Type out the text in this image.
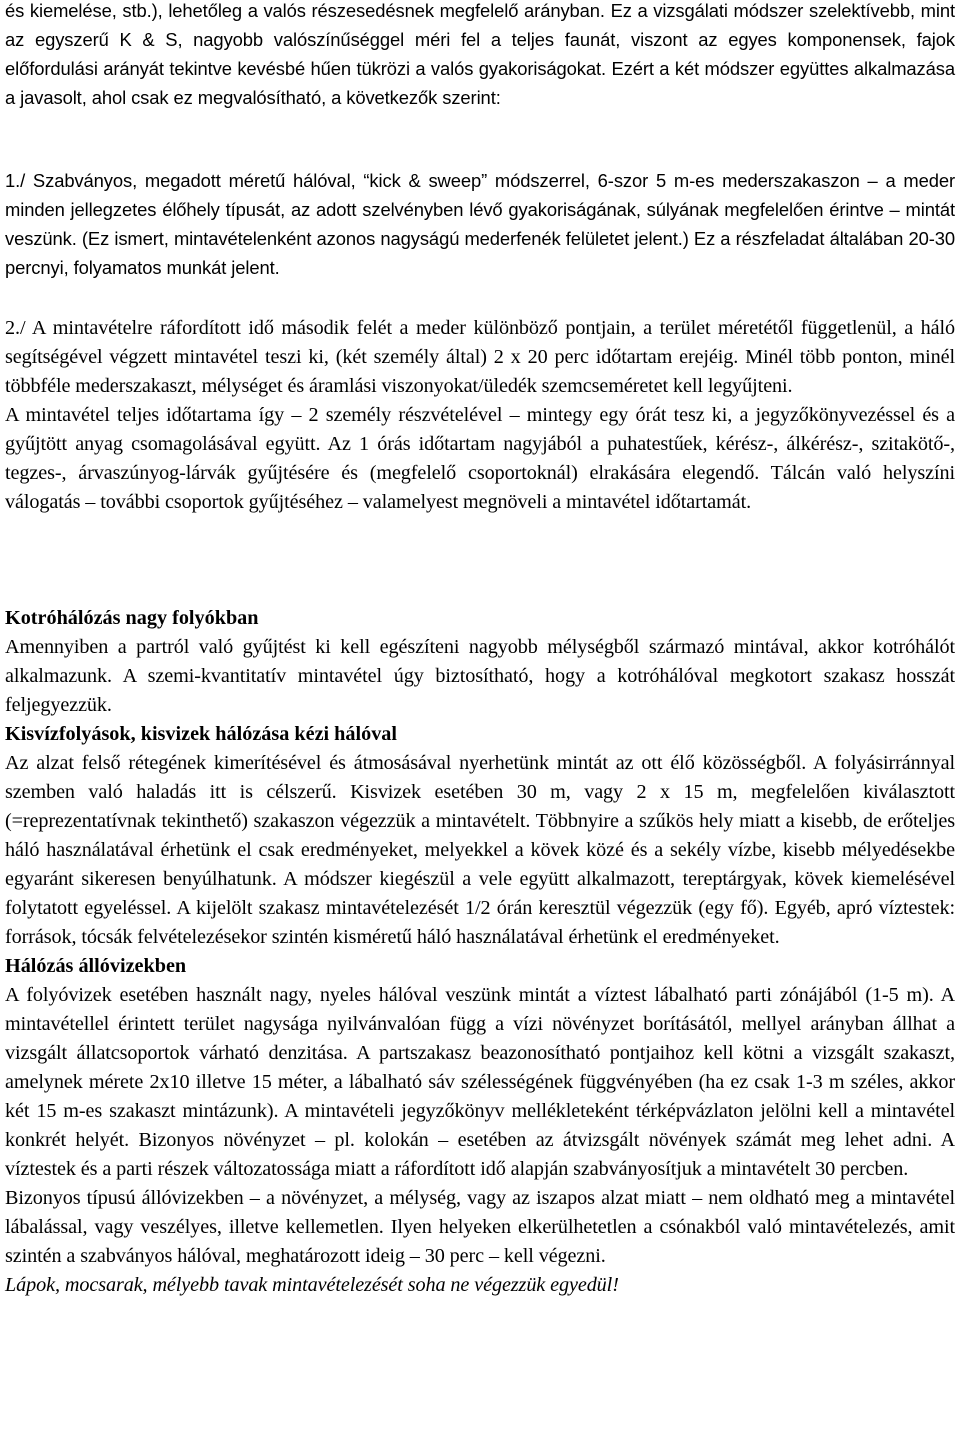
és kiemelése, stb.), lehetőleg a valós részesedésnek megfelelő arányban. Ez a vizsgálati módszer szelektívebb, mint az egyszerű K & S, nagyobb valószínűséggel méri fel a teljes faunát, viszont az egyes komponensek, fajok előfordulási arányát tekintve kevésbé hűen tükrözi a valós gyakoriságokat. Ezért a két módszer együttes alkalmazása a javasolt, ahol csak ez megvalósítható, a következők szerint:

1./ Szabványos, megadott méretű hálóval, “kick & sweep” módszerrel, 6-szor 5 m-es mederszakaszon – a meder minden jellegzetes élőhely típusát, az adott szelvényben lévő gyakoriságának, súlyának megfelelően érintve – mintát veszünk. (Ez ismert, mintavételenként azonos nagyságú mederfenék felületet jelent.) Ez a részfeladat általában 20-30 percnyi, folyamatos munkát jelent.

2./ A mintavételre ráfordított idő második felét a meder különböző pontjain, a terület méretétől függetlenül, a háló segítségével végzett mintavétel teszi ki, (két személy által) 2 x 20 perc időtartam erejéig. Minél több ponton, minél többféle mederszakaszt, mélységet és áramlási viszonyokat/üledék szemcseméretet kell legyűjteni.

A mintavétel teljes időtartama így – 2 személy részvételével – mintegy egy órát tesz ki, a jegyzőkönyvezéssel és a gyűjtött anyag csomagolásával együtt. Az 1 órás időtartam nagyjából a puhatestűek, kérész-, álkérész-, szitakötő-, tegzes-, árvaszúnyog-lárvák gyűjtésére és (megfelelő csoportoknál) elrakására elegendő. Tálcán való helyszíni válogatás – további csoportok gyűjtéséhez – valamelyest megnöveli a mintavétel időtartamát.

Kotróhálózás nagy folyókban

Amennyiben a partról való gyűjtést ki kell egészíteni nagyobb mélységből származó mintával, akkor kotróhálót alkalmazunk. A szemi-kvantitatív mintavétel úgy biztosítható, hogy a kotróhálóval megkotort szakasz hosszát feljegyezzük.

Kisvízfolyások, kisvizek hálózása kézi hálóval

Az alzat felső rétegének kimerítésével és átmosásával nyerhetünk mintát az ott élő közösségből. A folyásirránnyal szemben való haladás itt is célszerű. Kisvizek esetében 30 m, vagy 2 x 15 m, megfelelően kiválasztott (=reprezentatívnak tekinthető) szakaszon végezzük a mintavételt. Többnyire a szűkös hely miatt a kisebb, de erőteljes háló használatával érhetünk el csak eredményeket, melyekkel a kövek közé és a sekély vízbe, kisebb mélyedésekbe egyaránt sikeresen benyúlhatunk. A módszer kiegészül a vele együtt alkalmazott, tereptárgyak, kövek kiemelésével folytatott egyeléssel. A kijelölt szakasz mintavételezését 1/2 órán keresztül végezzük (egy fő). Egyéb, apró víztestek: források, tócsák felvételezésekor szintén kisméretű háló használatával érhetünk el eredményeket.

Hálózás állóvizekben

A folyóvizek esetében használt nagy, nyeles hálóval veszünk mintát a víztest lábalható parti zónájából (1-5 m). A mintavétellel érintett terület nagysága nyilvánvalóan függ a vízi növényzet borításától, mellyel arányban állhat a vizsgált állatcsoportok várható denzitása. A partszakasz beazonosítható pontjaihoz kell kötni a vizsgált szakaszt, amelynek mérete 2x10 illetve 15 méter, a lábalható sáv szélességének függvényében (ha ez csak 1-3 m széles, akkor két 15 m-es szakaszt mintázunk). A mintavételi jegyzőkönyv mellékleteként térképvázlaton jelölni kell a mintavétel konkrét helyét. Bizonyos növényzet – pl. kolokán – esetében az átvizsgált növények számát meg lehet adni. A víztestek és a parti részek változatossága miatt a ráfordított idő alapján szabványosítjuk a mintavételt 30 percben.

Bizonyos típusú állóvizekben – a növényzet, a mélység, vagy az iszapos alzat miatt – nem oldható meg a mintavétel lábalással, vagy veszélyes, illetve kellemetlen. Ilyen helyeken elkerülhetetlen a csónakból való mintavételezés, amit szintén a szabványos hálóval, meghatározott ideig – 30 perc – kell végezni.

Lápok, mocsarak, mélyebb tavak mintavételezését soha ne végezzük egyedül!
